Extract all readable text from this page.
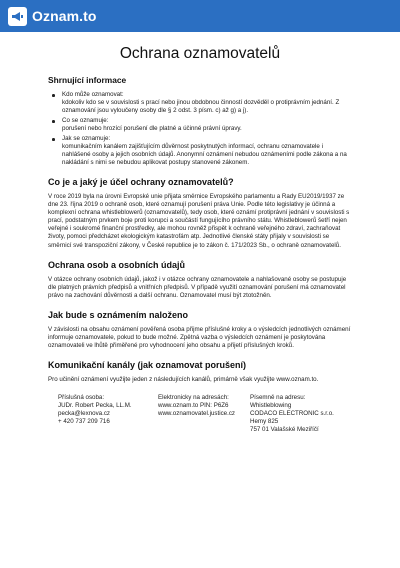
Oznam.to
Ochrana oznamovatelů
Shrnující informace
Kdo může oznamovat:
kdokoliv kdo se v souvislosti s prací nebo jinou obdobnou činností dozvěděl o protiprávním jednání. Z oznamování jsou vyloučeny osoby dle § 2 odst. 3 písm. c) až g) a j).
Co se oznamuje:
porušení nebo hrozící porušení dle platné a účinné právní úpravy.
Jak se oznamuje:
komunikačním kanálem zajišťujícím důvěrnost poskytnutých informací, ochranu oznamovatele i nahlášené osoby a jejich osobních údajů. Anonymní oznámení nebudou oznámeními podle zákona a na nakládání s nimi se nebudou aplikovat postupy stanovené zákonem.
Co je a jaký je účel ochrany oznamovatelů?

V roce 2019 byla na úrovni Evropské unie přijata směrnice Evropského parlamentu a Rady EU2019/1937 ze dne 23. října 2019 o ochraně osob, které oznamují porušení práva Unie. Podle této legislativy je účinná a komplexní ochrana whistleblowerů (oznamovatelů), tedy osob, které oznámí protiprávní jednání v souvislosti s prací, podstatným prvkem boje proti korupci a součástí fungujícího právního státu. Whistleblowerů šetří nejen veřejné i soukromé finanční prostředky, ale mohou rovněž přispět k ochraně veřejného zdraví, zachraňovat životy, pomoci předcházet ekologickým katastrofám atp. Jednotlivé členské státy přijaly v souvislosti se směrnicí své transpoziční zákony, v České republice je to zákon č. 171/2023 Sb., o ochraně oznamovatelů.

Ochrana osob a osobních údajů

V otázce ochrany osobních údajů, jakož i v otázce ochrany oznamovatele a nahlašované osoby se postupuje dle platných právních předpisů a vnitřních předpisů. V případě využití oznamování porušení má oznamovatel právo na zachování důvěrnosti a další ochranu. Oznamovatel musí být ztotožněn.

Jak bude s oznámením naloženo

V závislosti na obsahu oznámení pověřená osoba přijme příslušné kroky a o výsledcích jednotlivých oznámení informuje oznamovatele, pokud to bude možné. Zpětná vazba o výsledcích oznámení je poskytována oznamovateli ve lhůtě přiměřené pro vyhodnocení jeho obsahu a přijetí příslušných kroků.

Komunikační kanály (jak oznamovat porušení)

Pro učinění oznámení využijte jeden z následujících kanálů, primárně však využijte www.oznam.to.

Příslušná osoba:
JUDr. Robert Pecka, LL.M.
pecka@lexnova.cz
+ 420 737 209 716
Elektronicky na adresách:
www.oznam.to PIN: P6Z6
www.oznamovatel.justice.cz
Písemně na adresu:
Whistleblowing
CODACO ELECTRONIC s.r.o.
Hemy 825
757 01 Valašské Meziříčí
